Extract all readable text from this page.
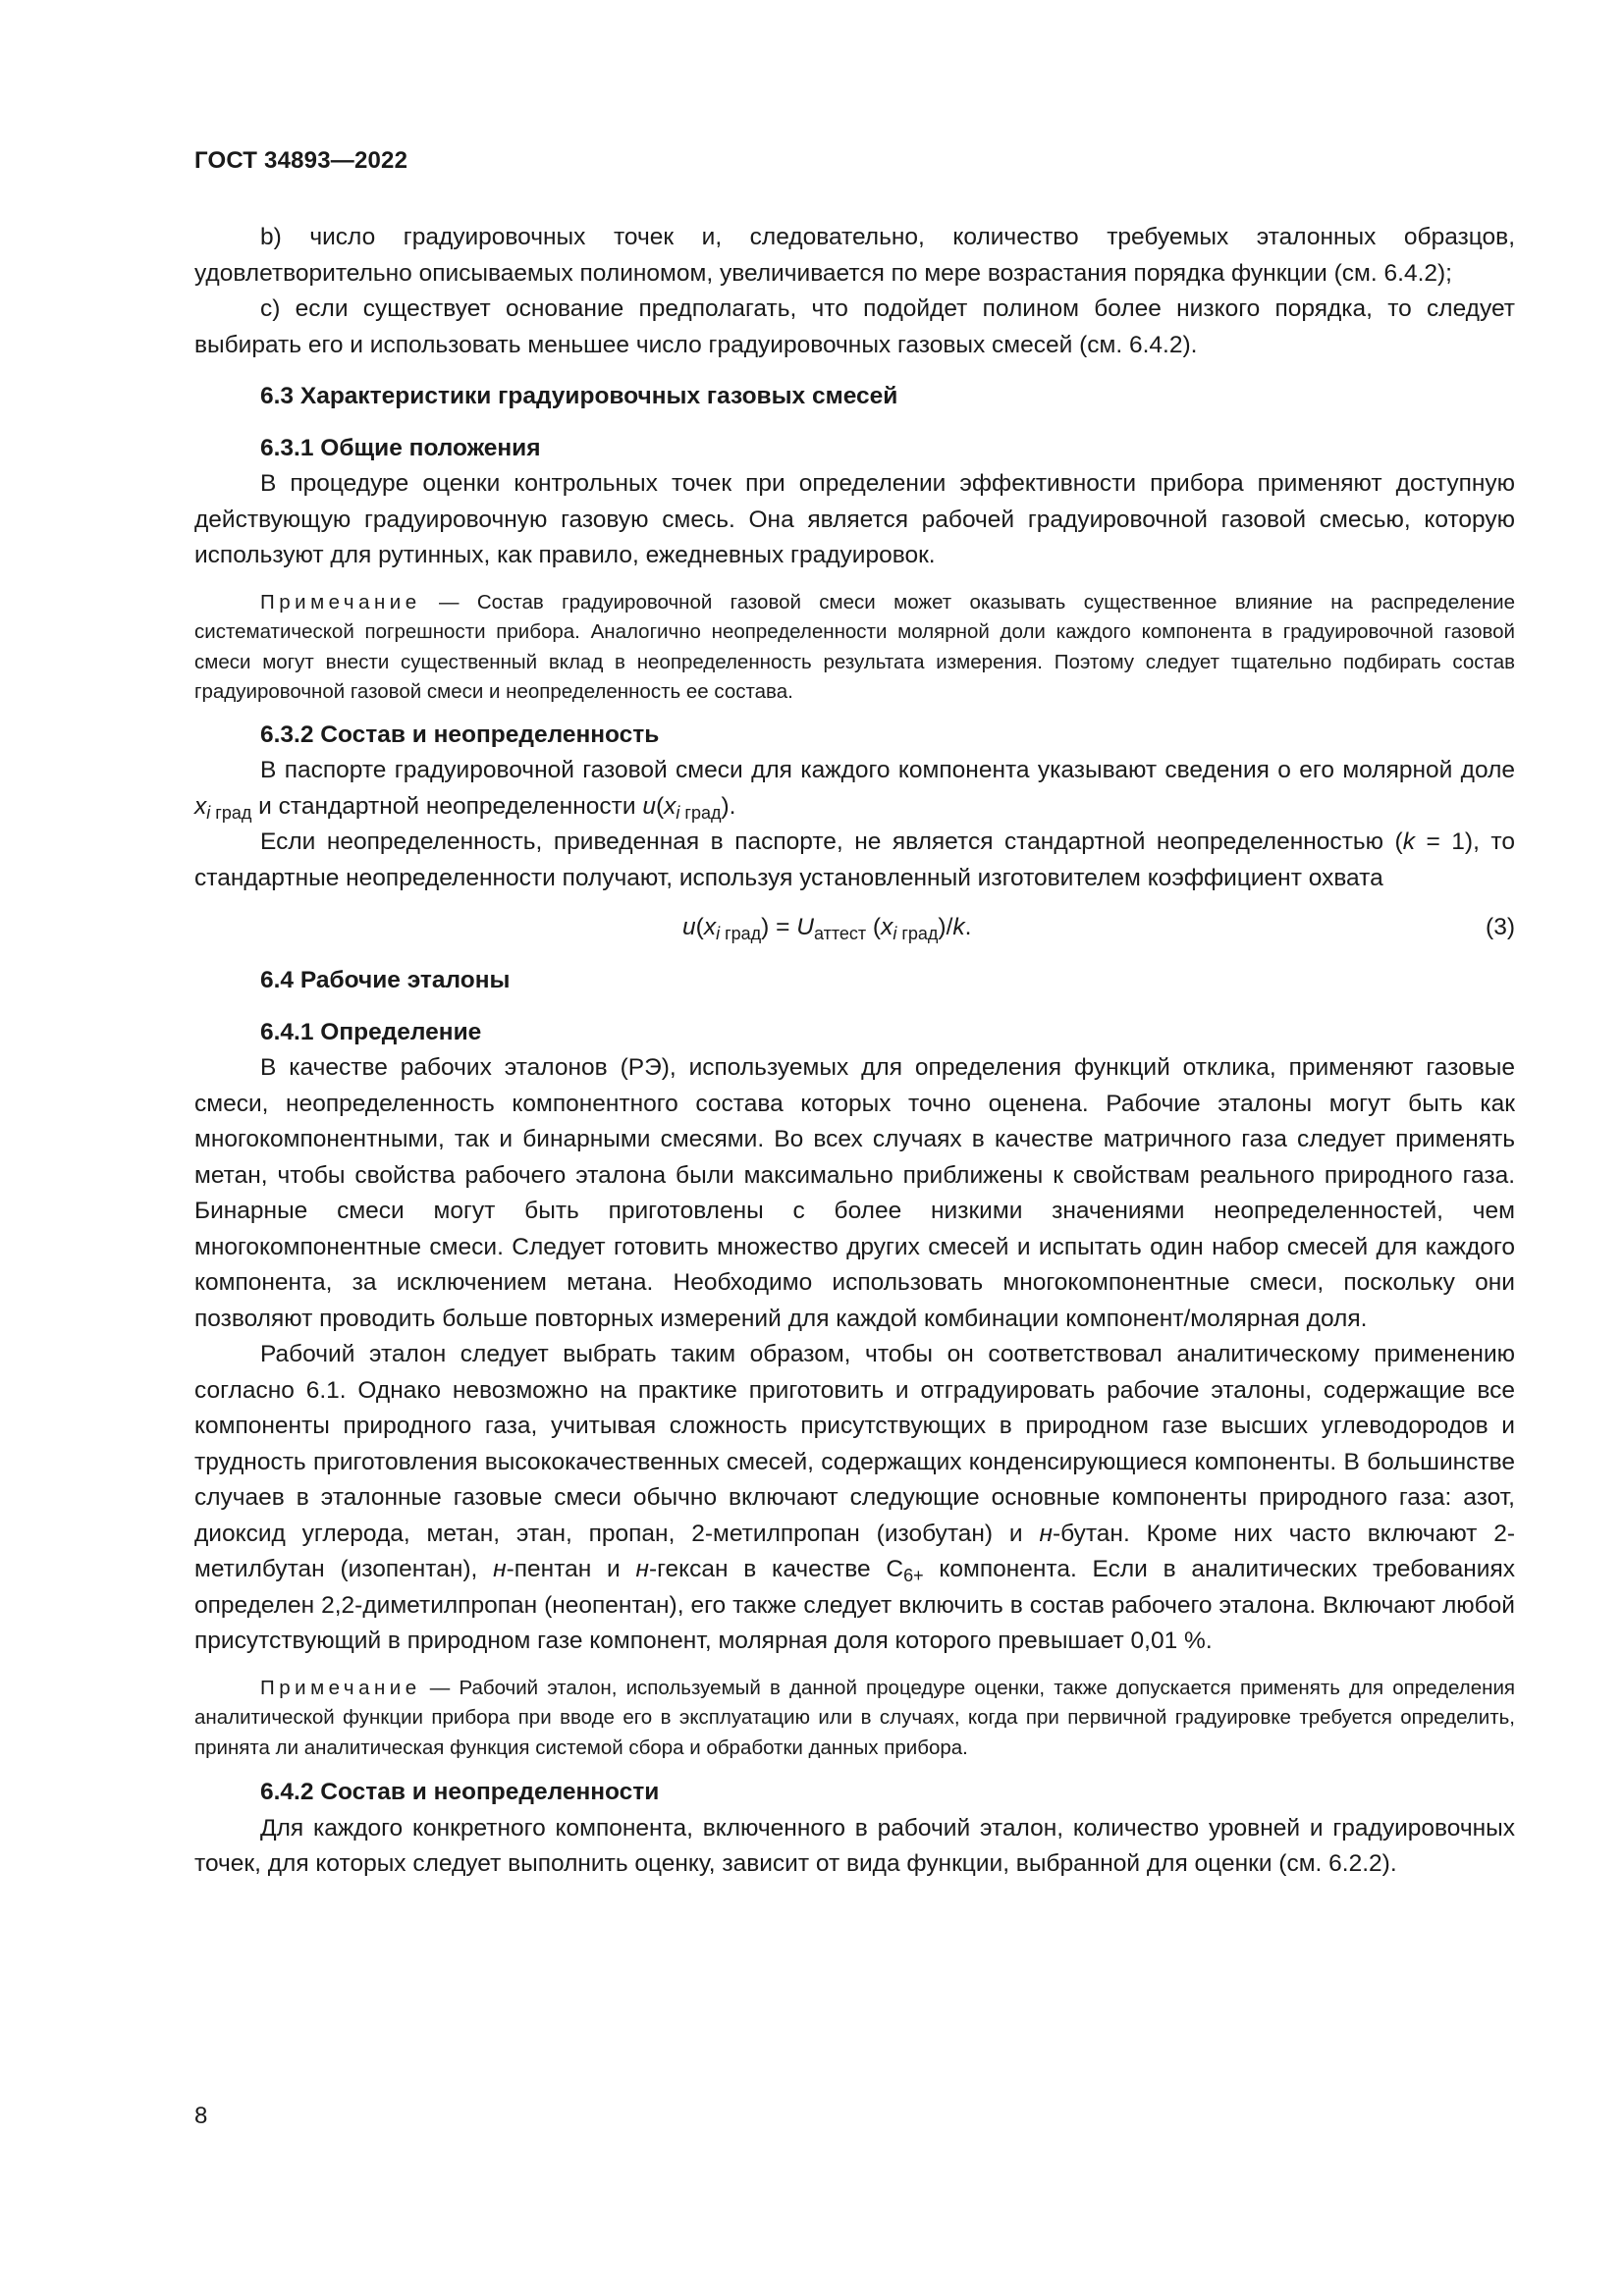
ГОСТ 34893—2022

b) число градуировочных точек и, следовательно, количество требуемых эталонных образцов, удовлетворительно описываемых полиномом, увеличивается по мере возрастания порядка функции (см. 6.4.2);

c) если существует основание предполагать, что подойдет полином более низкого порядка, то следует выбирать его и использовать меньшее число градуировочных газовых смесей (см. 6.4.2).

6.3 Характеристики градуировочных газовых смесей
6.3.1 Общие положения

В процедуре оценки контрольных точек при определении эффективности прибора применяют доступную действующую градуировочную газовую смесь. Она является рабочей градуировочной газовой смесью, которую используют для рутинных, как правило, ежедневных градуировок.

Примечание — Состав градуировочной газовой смеси может оказывать существенное влияние на распределение систематической погрешности прибора. Аналогично неопределенности молярной доли каждого компонента в градуировочной газовой смеси могут внести существенный вклад в неопределенность результата измерения. Поэтому следует тщательно подбирать состав градуировочной газовой смеси и неопределенность ее состава.
6.3.2 Состав и неопределенность

В паспорте градуировочной газовой смеси для каждого компонента указывают сведения о его молярной доле $x_{i град}$ и стандартной неопределенности $u(x_{i град})$.

Если неопределенность, приведенная в паспорте, не является стандартной неопределенностью (k = 1), то стандартные неопределенности получают, используя установленный изготовителем коэффициент охвата

$u(x_{i град}) = U_{аттест}$ $(x_{i град})/k$.	(3)
6.4 Рабочие эталоны
6.4.1 Определение

В качестве рабочих эталонов (РЭ), используемых для определения функций отклика, применяют газовые смеси, неопределенность компонентного состава которых точно оценена. Рабочие эталоны могут быть как многокомпонентными, так и бинарными смесями. Во всех случаях в качестве матричного газа следует применять метан, чтобы свойства рабочего эталона были максимально приближены к свойствам реального природного газа. Бинарные смеси могут быть приготовлены с более низкими значениями неопределенностей, чем многокомпонентные смеси. Следует готовить множество других смесей и испытать один набор смесей для каждого компонента, за исключением метана. Необходимо использовать многокомпонентные смеси, поскольку они позволяют проводить больше повторных измерений для каждой комбинации компонент/молярная доля.

Рабочий эталон следует выбрать таким образом, чтобы он соответствовал аналитическому применению согласно 6.1. Однако невозможно на практике приготовить и отградуировать рабочие эталоны, содержащие все компоненты природного газа, учитывая сложность присутствующих в природном газе высших углеводородов и трудность приготовления высококачественных смесей, содержащих конденсирующиеся компоненты. В большинстве случаев в эталонные газовые смеси обычно включают следующие основные компоненты природного газа: азот, диоксид углерода, метан, этан, пропан, 2-метилпропан (изобутан) и н-бутан. Кроме них часто включают 2-метилбутан (изопентан), н-пентан и н-гексан в качестве $C_{6+}$ компонента. Если в аналитических требованиях определен 2,2-диметилпропан (неопентан), его также следует включить в состав рабочего эталона. Включают любой присутствующий в природном газе компонент, молярная доля которого превышает 0,01 %.

Примечание — Рабочий эталон, используемый в данной процедуре оценки, также допускается применять для определения аналитической функции прибора при вводе его в эксплуатацию или в случаях, когда при первичной градуировке требуется определить, принята ли аналитическая функция системой сбора и обработки данных прибора.
6.4.2 Состав и неопределенности

Для каждого конкретного компонента, включенного в рабочий эталон, количество уровней и градуировочных точек, для которых следует выполнить оценку, зависит от вида функции, выбранной для оценки (см. 6.2.2).

8
